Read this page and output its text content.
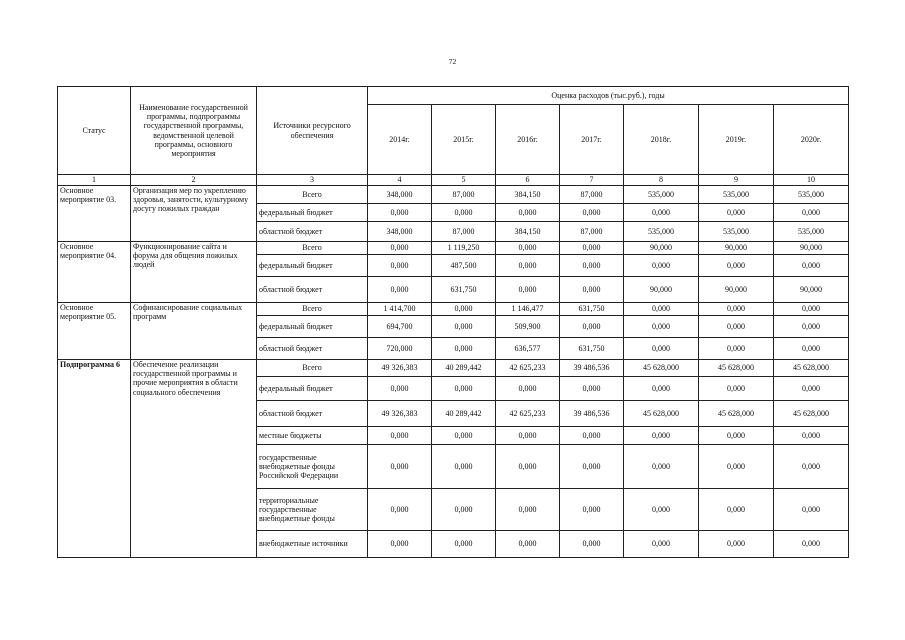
72
Статус	Наименование государственной программы, подпрограммы государственной программы, ведомственной целевой программы, основного мероприятия	Источники ресурсного обеспечения	Оценка расходов (тыс.руб.), годы						
			2014г.	2015г.	2016г.	2017г.	2018г.	2019г.	2020г.
1	2	3	4	5	6	7	8	9	10
Основное мероприятие 03.	Организация мер по укреплению здоровья, занятости, культурному досугу пожилых граждан	Всего	348,000	87,000	384,150	87,000	535,000	535,000	535,000
		федеральный бюджет	0,000	0,000	0,000	0,000	0,000	0,000	0,000
		областной бюджет	348,000	87,000	384,150	87,000	535,000	535,000	535,000
Основное мероприятие 04.	Функционирование сайта и форума для общения пожилых людей	Всего	0,000	1 119,250	0,000	0,000	90,000	90,000	90,000
		федеральный бюджет	0,000	487,500	0,000	0,000	0,000	0,000	0,000
		областной бюджет	0,000	631,750	0,000	0,000	90,000	90,000	90,000
Основное мероприятие 05.	Софинансирование социальных программ	Всего	1 414,700	0,000	1 146,477	631,750	0,000	0,000	0,000
		федеральный бюджет	694,700	0,000	509,900	0,000	0,000	0,000	0,000
		областной бюджет	720,000	0,000	636,577	631,750	0,000	0,000	0,000
Подпрограмма 6	Обеспечение реализации государственной программы и прочие мероприятия в области социального обеспечения	Всего	49 326,383	40 289,442	42 625,233	39 486,536	45 628,000	45 628,000	45 628,000
		федеральный бюджет	0,000	0,000	0,000	0,000	0,000	0,000	0,000
		областной бюджет	49 326,383	40 289,442	42 625,233	39 486,536	45 628,000	45 628,000	45 628,000
		местные бюджеты	0,000	0,000	0,000	0,000	0,000	0,000	0,000
		государственные внебюджетные фонды Российской Федерации	0,000	0,000	0,000	0,000	0,000	0,000	0,000
		территориальные государственные внебюджетные фонды	0,000	0,000	0,000	0,000	0,000	0,000	0,000
		внебюджетные источники	0,000	0,000	0,000	0,000	0,000	0,000	0,000
